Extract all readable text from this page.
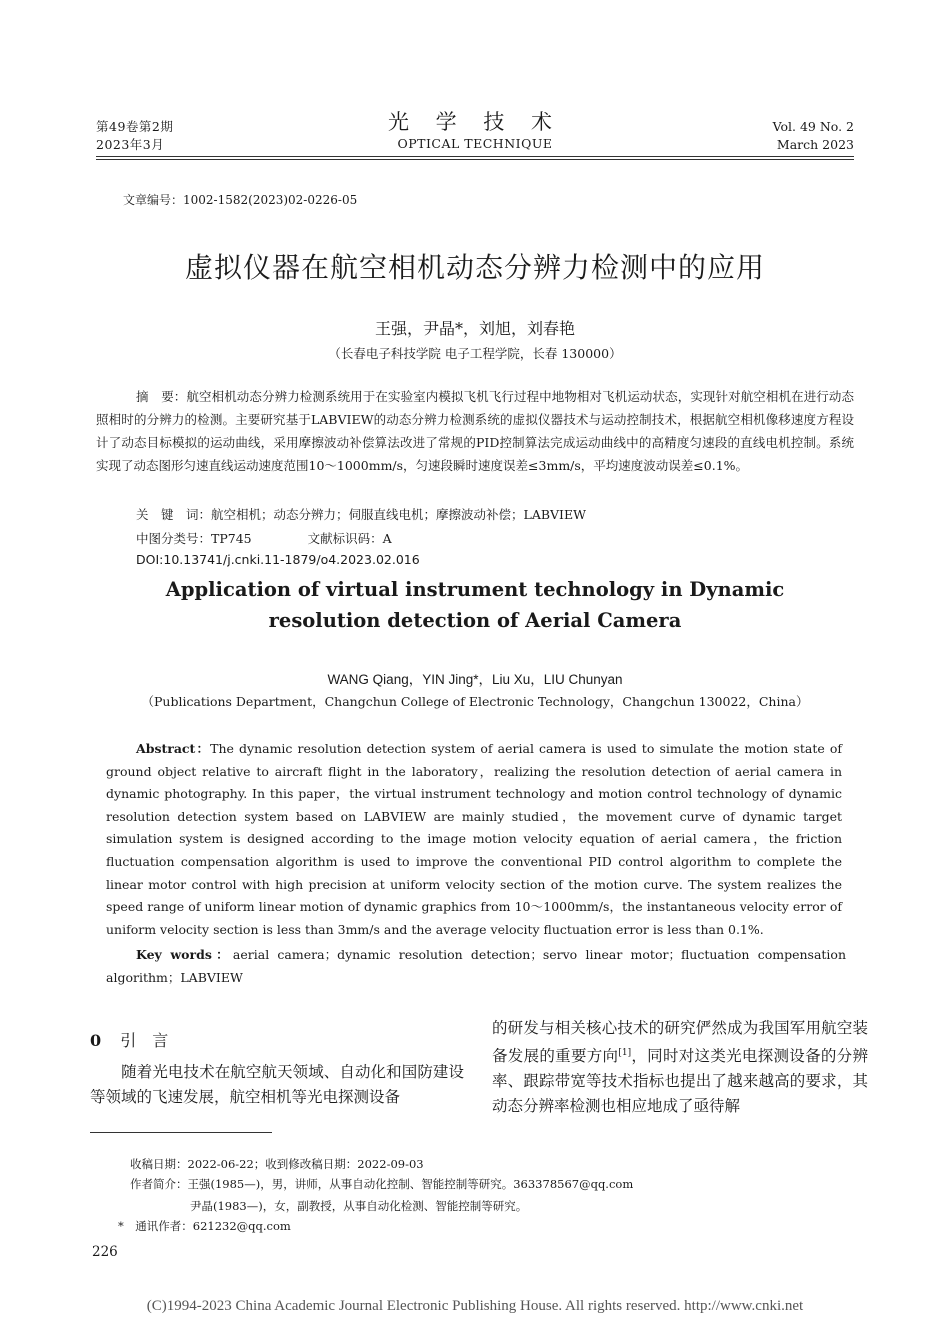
第49卷第2期
2023年3月
光 学 技 术
OPTICAL TECHNIQUE
Vol. 49 No. 2
March 2023
文章编号：1002-1582(2023)02-0226-05
虚拟仪器在航空相机动态分辨力检测中的应用
王强，尹晶*，刘旭，刘春艳
（长春电子科技学院 电子工程学院，长春 130000）
摘　要：航空相机动态分辨力检测系统用于在实验室内模拟飞机飞行过程中地物相对飞机运动状态，实现针对航空相机在进行动态照相时的分辨力的检测。主要研究基于LABVIEW的动态分辨力检测系统的虚拟仪器技术与运动控制技术，根据航空相机像移速度方程设计了动态目标模拟的运动曲线，采用摩擦波动补偿算法改进了常规的PID控制算法完成运动曲线中的高精度匀速段的直线电机控制。系统实现了动态图形匀速直线运动速度范围10～1000mm/s，匀速段瞬时速度误差≤3mm/s，平均速度波动误差≤0.1%。
关　键　词：航空相机；动态分辨力；伺服直线电机；摩擦波动补偿；LABVIEW
中图分类号：TP745	文献标识码：A
DOI:10.13741/j.cnki.11-1879/o4.2023.02.016
Application of virtual instrument technology in Dynamic
resolution detection of Aerial Camera
WANG Qiang，YIN Jing*，Liu Xu，LIU Chunyan
（Publications Department，Changchun College of Electronic Technology，Changchun 130022，China）
Abstract：The dynamic resolution detection system of aerial camera is used to simulate the motion state of ground object relative to aircraft flight in the laboratory，realizing the resolution detection of aerial camera in dynamic photography. In this paper，the virtual instrument technology and motion control technology of dynamic resolution detection system based on LABVIEW are mainly studied，the movement curve of dynamic target simulation system is designed according to the image motion velocity equation of aerial camera，the friction fluctuation compensation algorithm is used to improve the conventional PID control algorithm to complete the linear motor control with high precision at uniform velocity section of the motion curve. The system realizes the speed range of uniform linear motion of dynamic graphics from 10～1000mm/s，the instantaneous velocity error of uniform velocity section is less than 3mm/s and the average velocity fluctuation error is less than 0.1%.
Key words：aerial camera；dynamic resolution detection；servo linear motor；fluctuation compensation algorithm；LABVIEW
0 引　言
　　随着光电技术在航空航天领域、自动化和国防建设等领域的飞速发展，航空相机等光电探测设备
的研发与相关核心技术的研究俨然成为我国军用航空装备发展的重要方向[1]，同时对这类光电探测设备的分辨率、跟踪带宽等技术指标也提出了越来越高的要求，其动态分辨率检测也相应地成了亟待解
收稿日期：2022-06-22；收到修改稿日期：2022-09-03
作者简介：王强(1985—)，男，讲师，从事自动化控制、智能控制等研究。363378567@qq.com
尹晶(1983—)，女，副教授，从事自动化检测、智能控制等研究。
*　通讯作者：621232@qq.com
226
(C)1994-2023 China Academic Journal Electronic Publishing House. All rights reserved. http://www.cnki.net
